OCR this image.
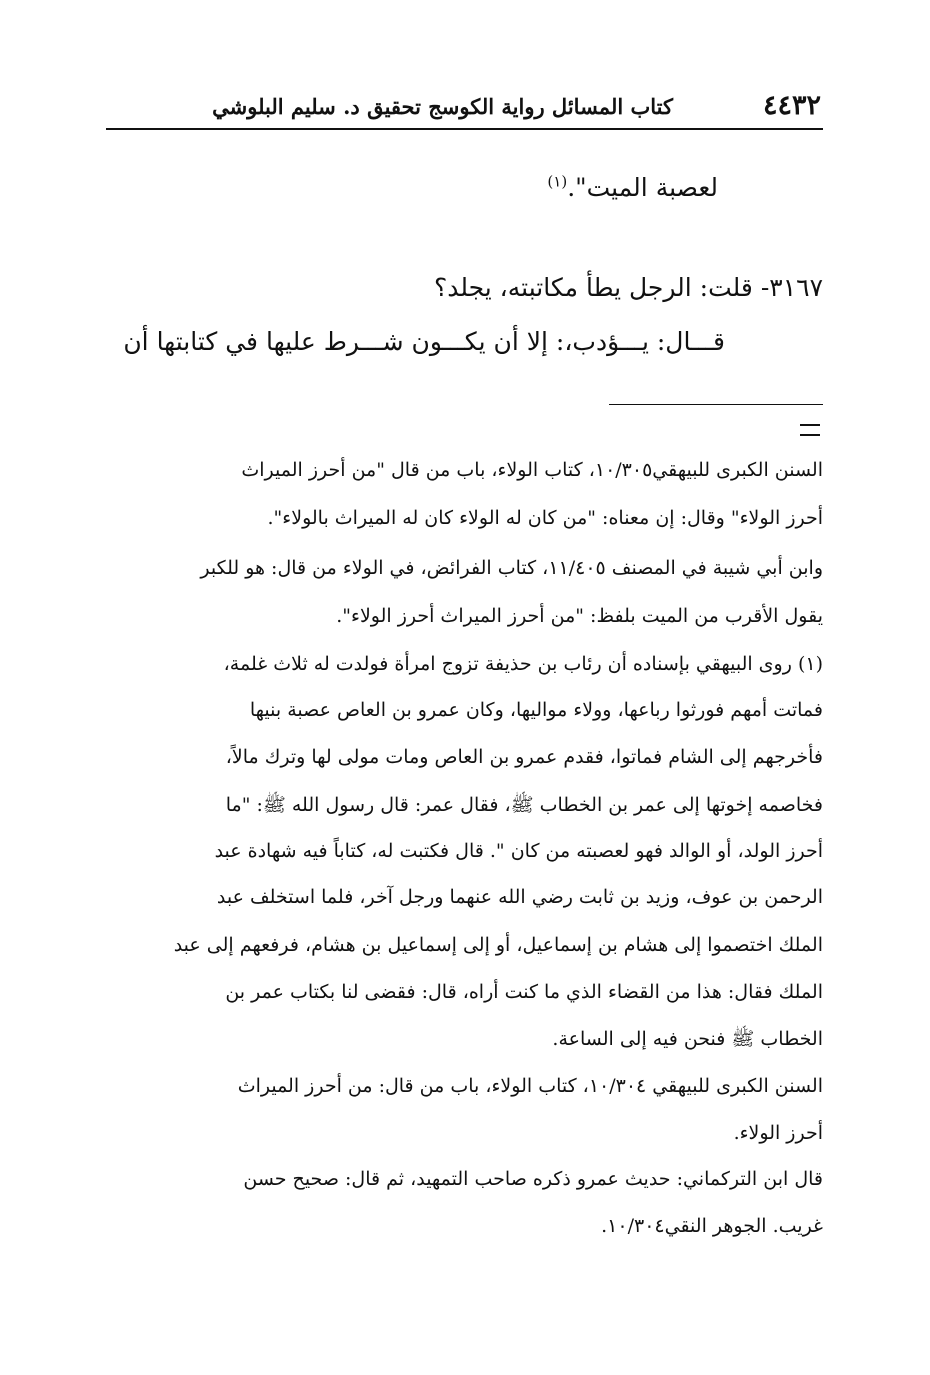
٤٤٣٢
كتاب المسائل رواية الكوسج تحقيق د. سليم البلوشي
لعصبة الميت".$^{(١)}$
٣١٦٧- قلت: الرجل يطأ مكاتبته، يجلد؟
قـــال: يـــؤدب،: إلا أن يكـــون شـــرط عليها في كتابتها أن
السنن الكبرى للبيهقي١٠/٣٠٥، كتاب الولاء، باب من قال "من أحرز الميراث
أحرز الولاء" وقال: إن معناه: "من كان له الولاء كان له الميراث بالولاء".
وابن أبي شيبة في المصنف ١١/٤٠٥، كتاب الفرائض، في الولاء من قال: هو للكبر
يقول الأقرب من الميت بلفظ: "من أحرز الميراث أحرز الولاء".
(١) روى البيهقي بإسناده أن رئاب بن حذيفة تزوج امرأة فولدت له ثلاث غلمة،
فماتت أمهم فورثوا رباعها، وولاء مواليها، وكان عمرو بن العاص عصبة بنيها
فأخرجهم إلى الشام فماتوا، فقدم عمرو بن العاص ومات مولى لها وترك مالاً،
فخاصمه إخوتها إلى عمر بن الخطاب ﷺ، فقال عمر: قال رسول الله ﷺ: "ما
أحرز الولد، أو الوالد فهو لعصبته من كان ". قال فكتبت له، كتاباً فيه شهادة عبد
الرحمن بن عوف، وزيد بن ثابت رضي الله عنهما ورجل آخر، فلما استخلف عبد
الملك اختصموا إلى هشام بن إسماعيل، أو إلى إسماعيل بن هشام، فرفعهم إلى عبد
الملك فقال: هذا من القضاء الذي ما كنت أراه، قال: فقضى لنا بكتاب عمر بن
الخطاب ﷺ فنحن فيه إلى الساعة.
السنن الكبرى للبيهقي ١٠/٣٠٤، كتاب الولاء، باب من قال: من أحرز الميراث
أحرز الولاء.
قال ابن التركماني: حديث عمرو ذكره صاحب التمهيد، ثم قال: صحيح حسن
غريب. الجوهر النقي١٠/٣٠٤.
